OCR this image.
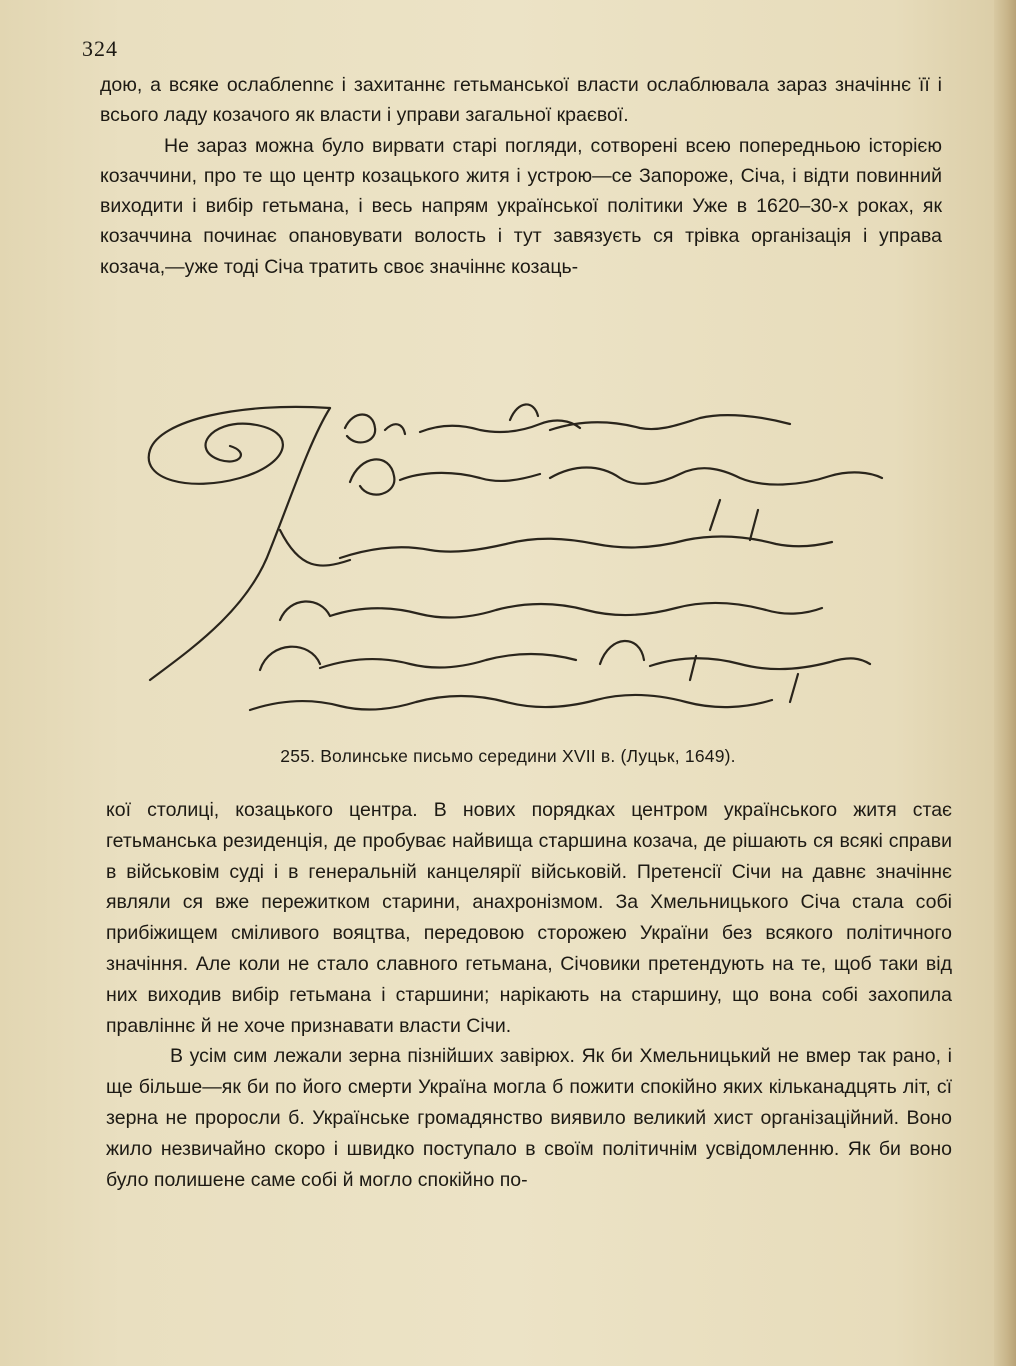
324

дою, а всяке ослаблennє і захитаннє гетьманської власти ослаблювала зараз значіннє її і всього ладу козачого як власти і управи загальної краєвої.

Не зараз можна було вирвати старі погляди, сотворені всею попередньою історією козаччини, про те що центр козацького житя і устрою—се Запороже, Січа, і відти повинний виходити і вибір гетьмана, і весь напрям української політики Уже в 1620–30-х роках, як козаччина починає опановувати волость і тут завязуєть ся трівка організація і управа козача,—уже тоді Січа тратить своє значіннє козаць-

255. Волинське письмо середини XVII в. (Луцьк, 1649).

кої столиці, козацького центра. В нових порядках центром українського житя стає гетьманська резиденція, де пробуває найвища старшина козача, де рішають ся всякі справи в військовім суді і в генеральній канцелярії військовій. Претенсії Січи на давнє значіннє являли ся вже пережитком старини, анахронізмом. За Хмельницького Січа стала собі прибіжищем сміливого вояцтва, передовою сторожею України без всякого політичного значіння. Але коли не стало славного гетьмана, Січовики претендують на те, щоб таки від них виходив вибір гетьмана і старшини; нарікають на старшину, що вона собі захопила правліннє й не хоче признавати власти Січи.

В усім сим лежали зерна пізнійших завірюх. Як би Хмельницький не вмер так рано, і ще більше—як би по його смерти Україна могла б пожити спокійно яких кільканадцять літ, сї зерна не проросли б. Українське громадянство виявило великий хист організаційний. Воно жило незвичайно скоро і швидко поступало в своїм політичнім усвідомленню. Як би воно було полишене саме собі й могло спокійно по-
